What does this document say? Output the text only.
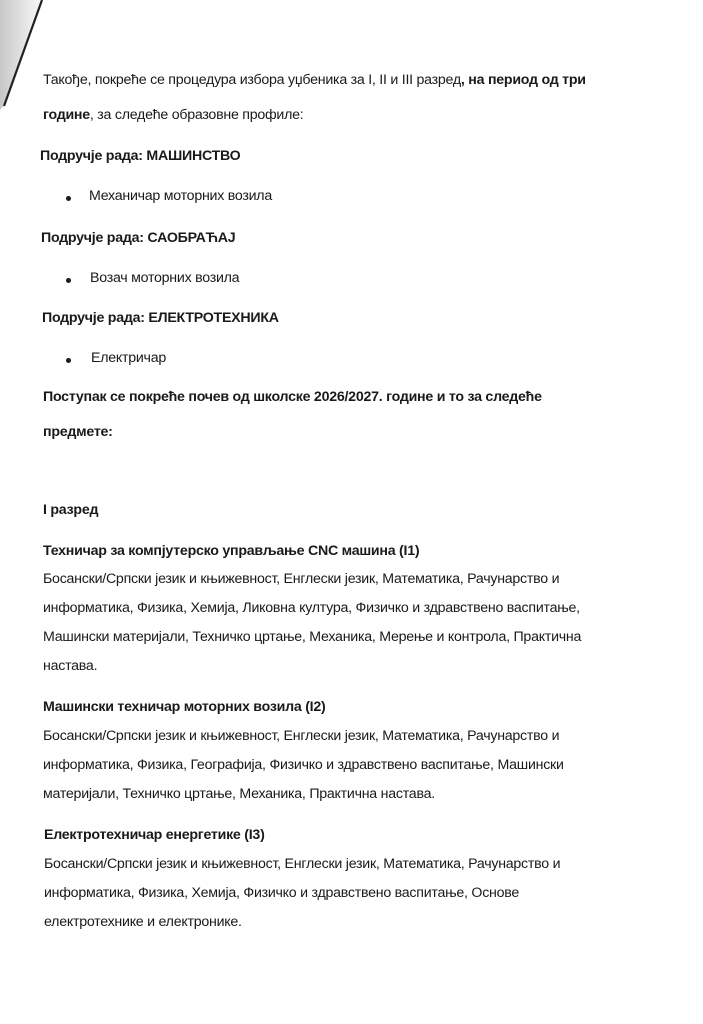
Такође, покреће се процедура избора уџбеника за I, II и III разред, на период од три
године, за следеће образовне профиле:
Подручје рада: МАШИНСТВО
Механичар моторних возила
Подручје рада: САОБРАЋАЈ
Возач моторних возила
Подручје рада: ЕЛЕКТРОТЕХНИКА
Електричар
Поступак се покреће почев од школске 2026/2027. године и то за следеће
предмете:
I разред
Техничар за компјутерско управљање CNC машина (I1)
Босански/Српски језик и књижевност, Енглески језик, Математика, Рачунарство и
информатика, Физика, Хемија, Ликовна култура, Физичко и здравствено васпитање,
Машински материјали, Техничко цртање, Механика, Мерење и контрола, Практична
настава.
Машински техничар моторних возила (I2)
Босански/Српски језик и књижевност, Енглески језик, Математика, Рачунарство и
информатика, Физика, Географија, Физичко и здравствено васпитање, Машински
материјали, Техничко цртање, Механика, Практична настава.
Електротехничар енергетике (I3)
Босански/Српски језик и књижевност, Енглески језик, Математика, Рачунарство и
информатика, Физика, Хемија, Физичко и здравствено васпитање, Основе
електротехнике и електронике.
